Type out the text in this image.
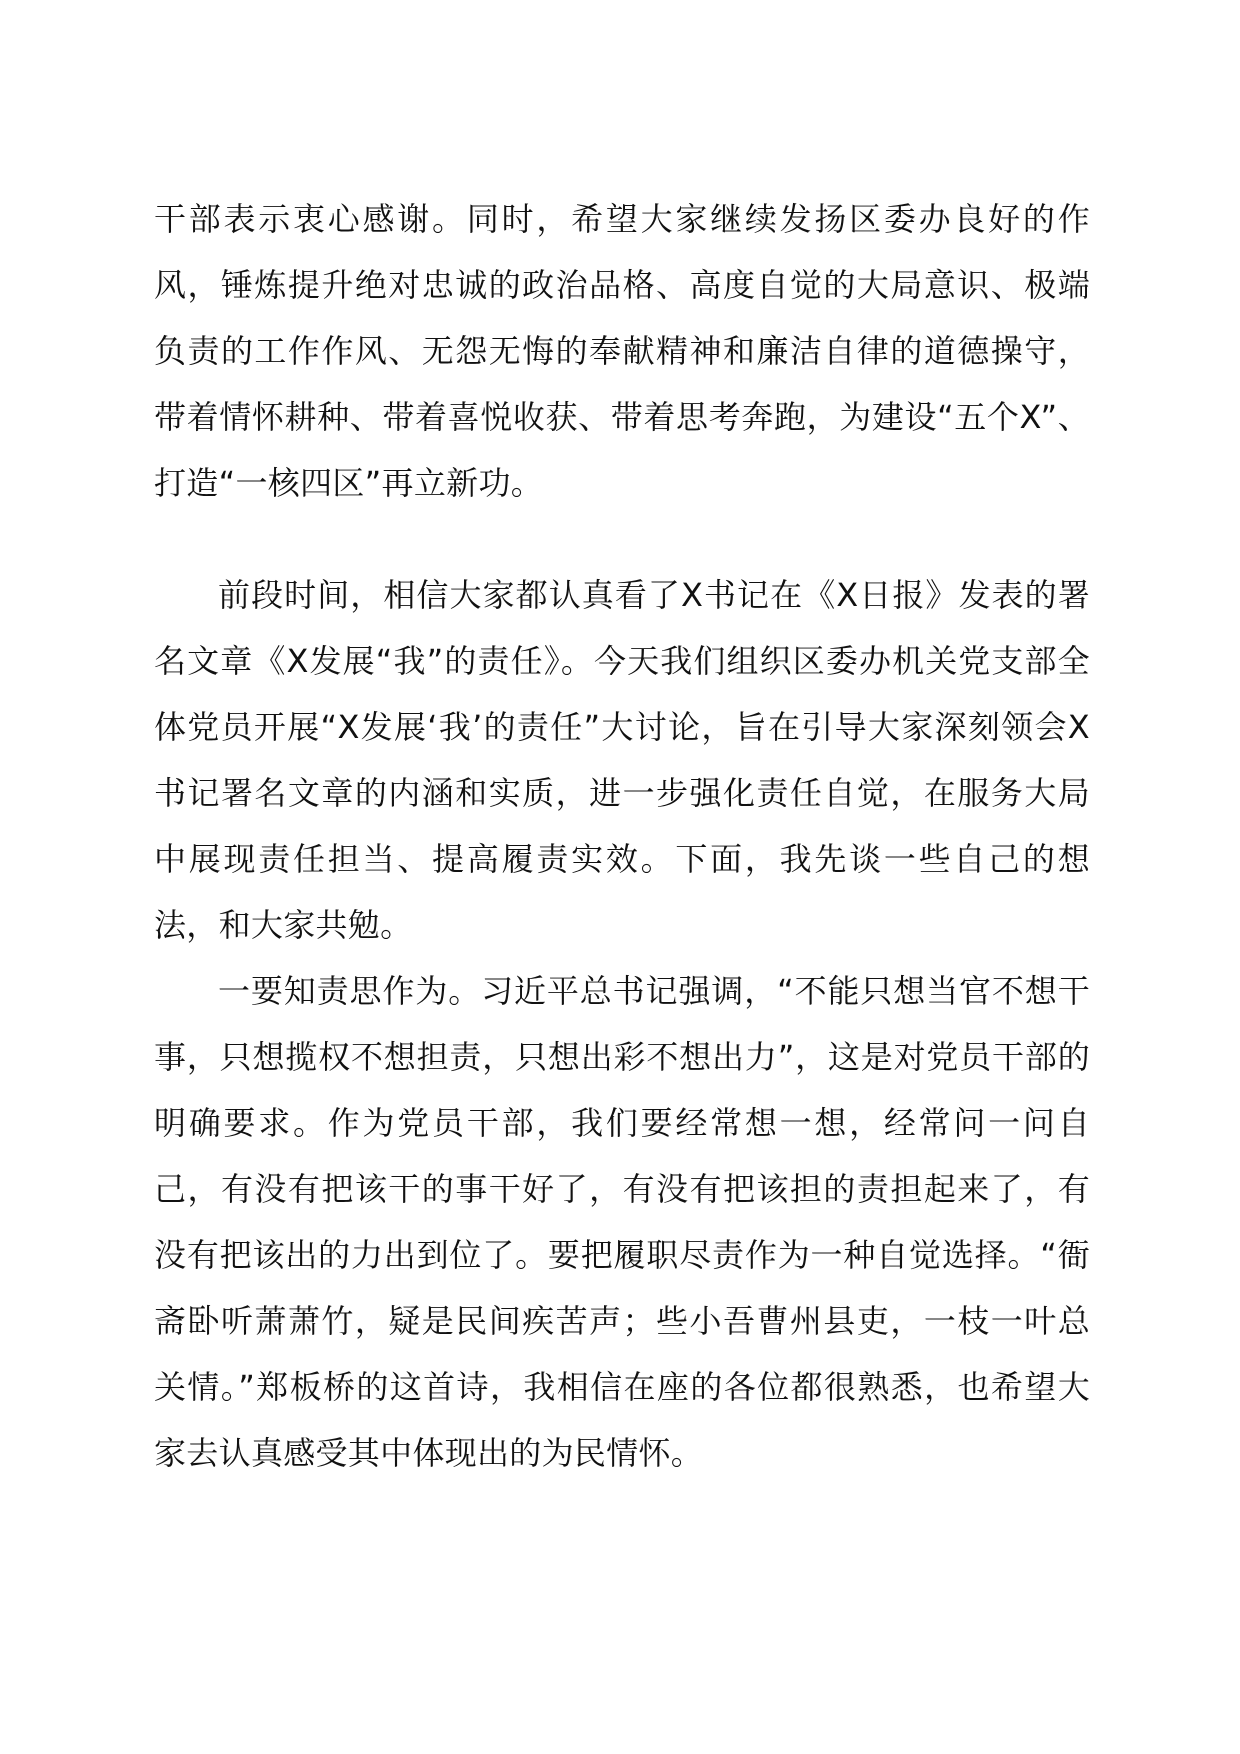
干部表示衷心感谢。同时，希望大家继续发扬区委办良好的作风，锤炼提升绝对忠诚的政治品格、高度自觉的大局意识、极端负责的工作作风、无怨无悔的奉献精神和廉洁自律的道德操守，带着情怀耕种、带着喜悦收获、带着思考奔跑，为建设“五个X”、打造“一核四区”再立新功。

前段时间，相信大家都认真看了X书记在《X日报》发表的署名文章《X发展“我”的责任》。今天我们组织区委办机关党支部全体党员开展“X发展‘我’的责任”大讨论，旨在引导大家深刻领会X书记署名文章的内涵和实质，进一步强化责任自觉，在服务大局中展现责任担当、提高履责实效。下面，我先谈一些自己的想法，和大家共勉。

一要知责思作为。习近平总书记强调，“不能只想当官不想干事，只想揽权不想担责，只想出彩不想出力”，这是对党员干部的明确要求。作为党员干部，我们要经常想一想，经常问一问自己，有没有把该干的事干好了，有没有把该担的责担起来了，有没有把该出的力出到位了。要把履职尽责作为一种自觉选择。“衙斋卧听萧萧竹，疑是民间疾苦声；些小吾曹州县吏，一枝一叶总关情。”郑板桥的这首诗，我相信在座的各位都很熟悉，也希望大家去认真感受其中体现出的为民情怀。
